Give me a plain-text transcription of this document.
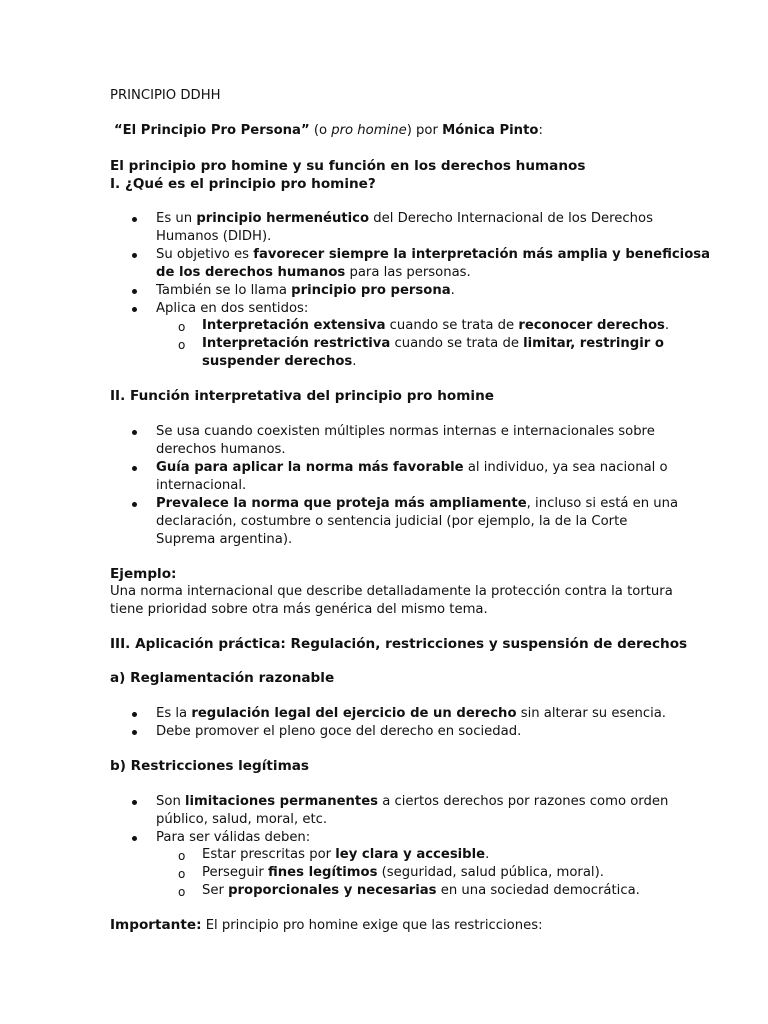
PRINCIPIO DDHH
“El Principio Pro Persona” (o pro homine) por Mónica Pinto:
El principio pro homine y su función en los derechos humanos
I. ¿Qué es el principio pro homine?
Es un principio hermenéutico del Derecho Internacional de los Derechos
Humanos (DIDH).
Su objetivo es favorecer siempre la interpretación más amplia y beneficiosa
de los derechos humanos para las personas.
También se lo llama principio pro persona.
Aplica en dos sentidos:
o Interpretación extensiva cuando se trata de reconocer derechos.
o Interpretación restrictiva cuando se trata de limitar, restringir o
suspender derechos.
II. Función interpretativa del principio pro homine
Se usa cuando coexisten múltiples normas internas e internacionales sobre
derechos humanos.
Guía para aplicar la norma más favorable al individuo, ya sea nacional o
internacional.
Prevalece la norma que proteja más ampliamente, incluso si está en una
declaración, costumbre o sentencia judicial (por ejemplo, la de la Corte
Suprema argentina).
Ejemplo:
Una norma internacional que describe detalladamente la protección contra la tortura
tiene prioridad sobre otra más genérica del mismo tema.
III. Aplicación práctica: Regulación, restricciones y suspensión de derechos
a) Reglamentación razonable
Es la regulación legal del ejercicio de un derecho sin alterar su esencia.
Debe promover el pleno goce del derecho en sociedad.
b) Restricciones legítimas
Son limitaciones permanentes a ciertos derechos por razones como orden
público, salud, moral, etc.
Para ser válidas deben:
o Estar prescritas por ley clara y accesible.
o Perseguir fines legítimos (seguridad, salud pública, moral).
o Ser proporcionales y necesarias en una sociedad democrática.
Importante: El principio pro homine exige que las restricciones:
